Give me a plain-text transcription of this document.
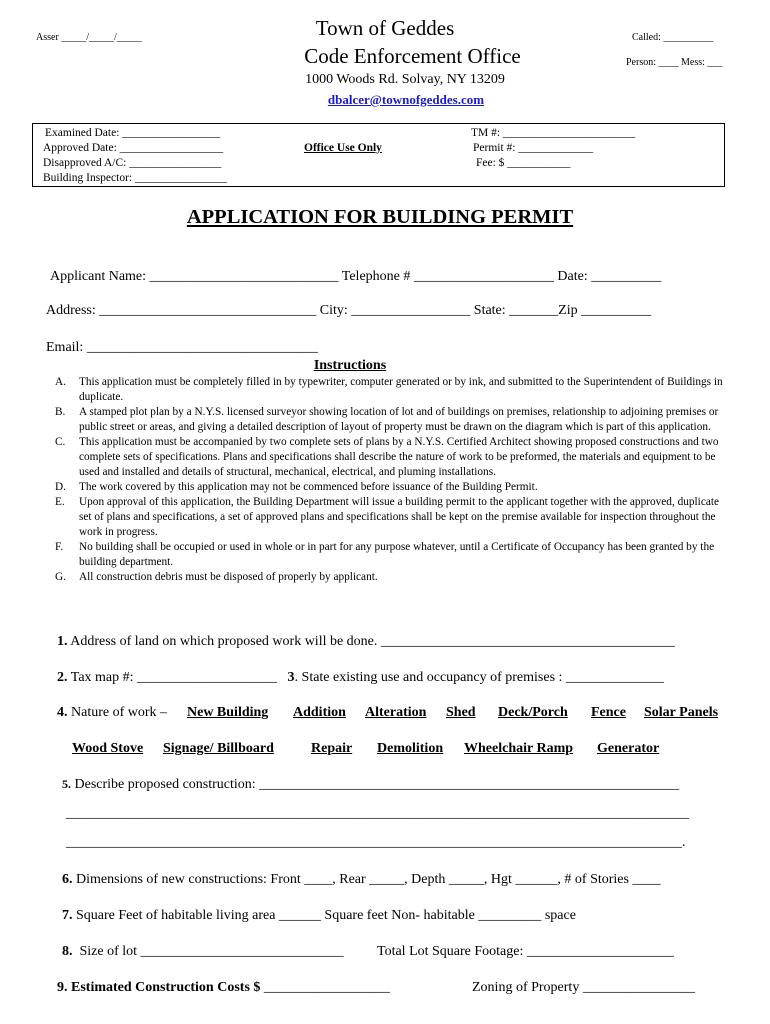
Asser _____/_____/_____	Called: __________
Person: ____ Mess: ___
Town of Geddes
Code Enforcement Office
1000 Woods Rd. Solvay, NY 13209
dbalcer@townofgeddes.com
Examined Date: _________________
Approved Date: __________________
Disapproved A/C: ________________
Building Inspector: ________________
Office Use Only
TM #: _______________________
Permit #: _____________
Fee: $ ___________
APPLICATION FOR BUILDING PERMIT
Applicant Name: ___________________________ Telephone # ____________________ Date: __________
Address: _______________________________ City: _________________ State: _______Zip __________
Email: _________________________________
Instructions
A.	This application must be completely filled in by typewriter, computer generated or by ink, and submitted to the Superintendent of Buildings in duplicate.
B.	A stamped plot plan by a N.Y.S. licensed surveyor showing location of lot and of buildings on premises, relationship to adjoining premises or public street or areas, and giving a detailed description of layout of property must be drawn on the diagram which is part of this application.
C.	This application must be accompanied by two complete sets of plans by a N.Y.S. Certified Architect showing proposed constructions and two complete sets of specifications. Plans and specifications shall describe the nature of work to be preformed, the materials and equipment to be used and installed and details of structural, mechanical, electrical, and pluming installations.
D.	The work covered by this application may not be commenced before issuance of the Building Permit.
E.	Upon approval of this application, the Building Department will issue a building permit to the applicant together with the approved, duplicate set of plans and specifications, a set of approved plans and specifications shall be kept on the premise available for inspection throughout the work in progress.
F.	No building shall be occupied or used in whole or in part for any purpose whatever, until a Certificate of Occupancy has been granted by the building department.
G.	All construction debris must be disposed of properly by applicant.
1. Address of land on which proposed work will be done. __________________________________________
2. Tax map #: ____________________ 3. State existing use and occupancy of premises : ______________
4. Nature of work – New Building Addition Alteration Shed Deck/Porch Fence Solar Panels
Wood Stove Signage/ Billboard	Repair Demolition Wheelchair Ramp Generator
5. Describe proposed construction: ____________________________________________________________
_________________________________________________________________________________________
________________________________________________________________________________________.
6. Dimensions of new constructions: Front ____, Rear _____, Depth _____, Hgt ______, # of Stories ____
7. Square Feet of habitable living area ______ Square feet Non- habitable _________ space
8. Size of lot _____________________________ Total Lot Square Footage: _____________________
9. Estimated Construction Costs $ __________________	Zoning of Property ________________
